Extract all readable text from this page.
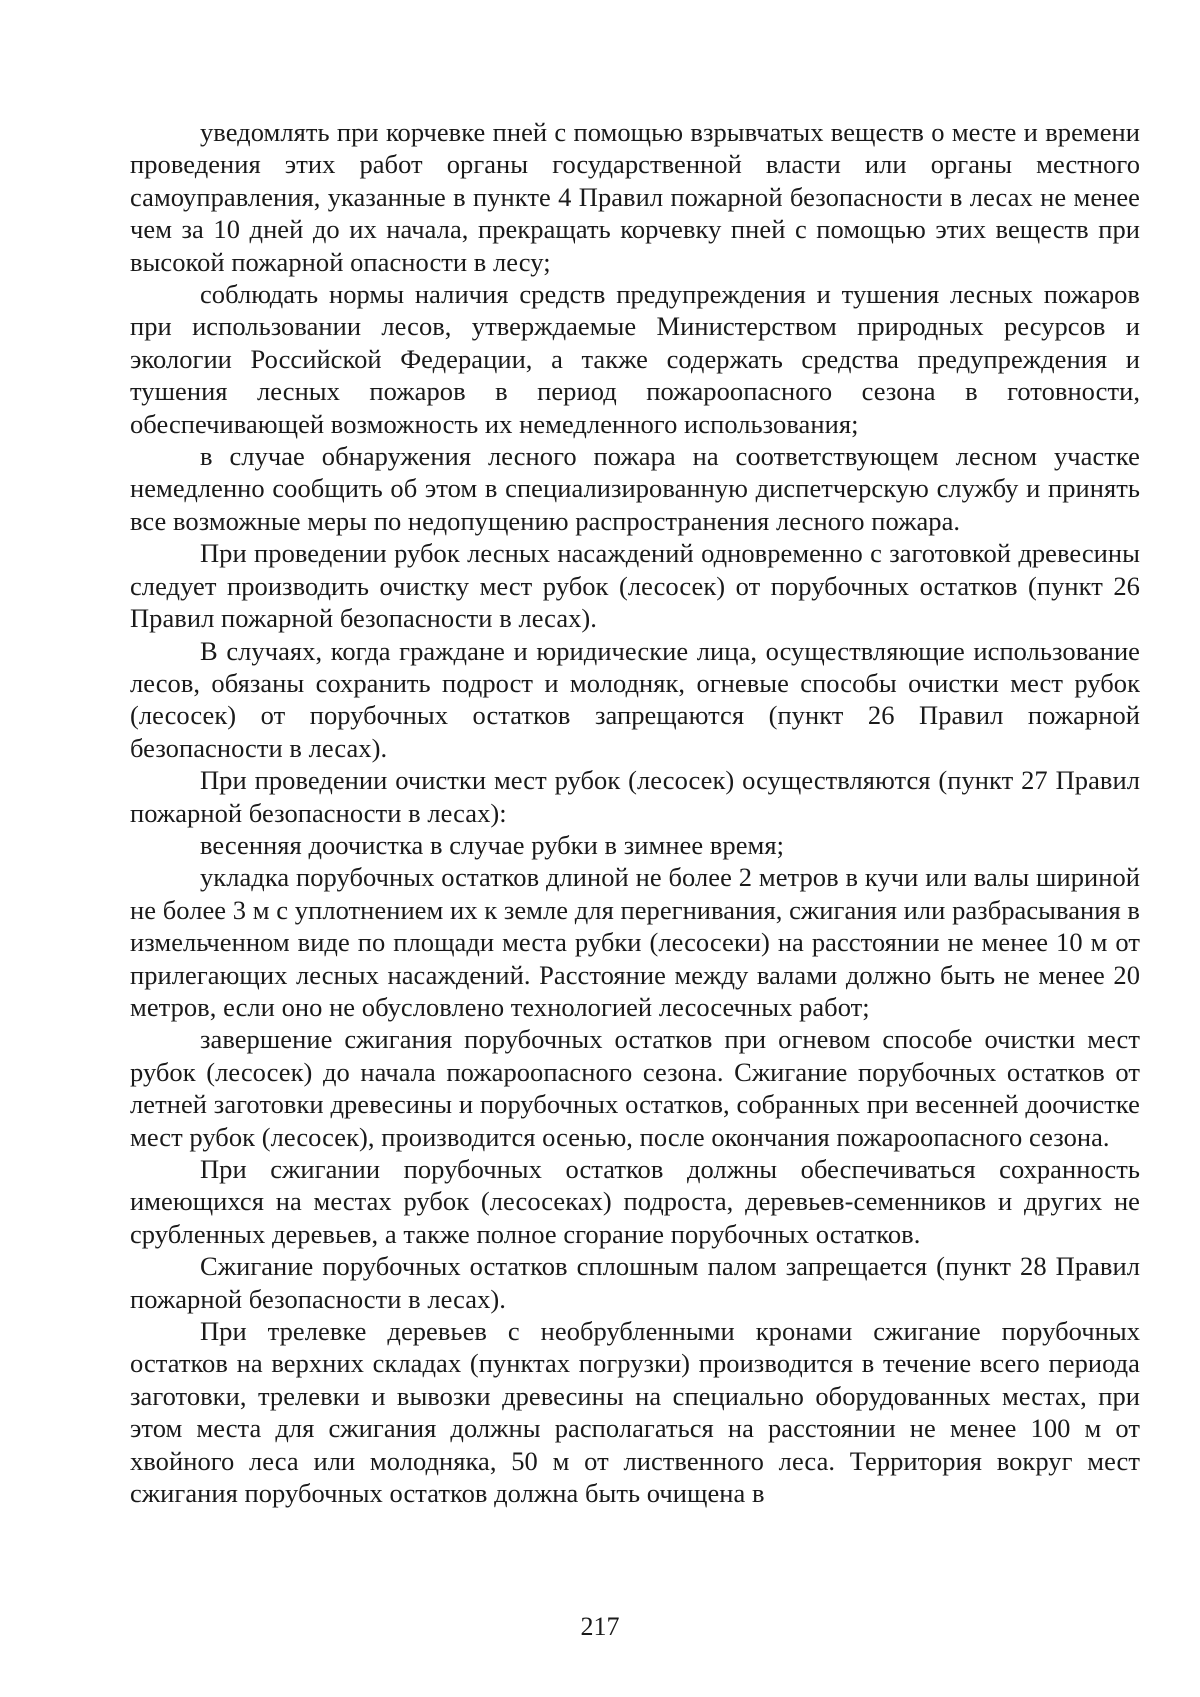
уведомлять при корчевке пней с помощью взрывчатых веществ о месте и времени проведения этих работ органы государственной власти или органы местного самоуправления, указанные в пункте 4 Правил пожарной безопасности в лесах не менее чем за 10 дней до их начала, прекращать корчевку пней с помощью этих веществ при высокой пожарной опасности в лесу;

соблюдать нормы наличия средств предупреждения и тушения лесных пожаров при использовании лесов, утверждаемые Министерством природных ресурсов и экологии Российской Федерации, а также содержать средства предупреждения и тушения лесных пожаров в период пожароопасного сезона в готовности, обеспечивающей возможность их немедленного использования;

в случае обнаружения лесного пожара на соответствующем лесном участке немедленно сообщить об этом в специализированную диспетчерскую службу и принять все возможные меры по недопущению распространения лесного пожара.

При проведении рубок лесных насаждений одновременно с заготовкой древесины следует производить очистку мест рубок (лесосек) от порубочных остатков (пункт 26 Правил пожарной безопасности в лесах).

В случаях, когда граждане и юридические лица, осуществляющие использование лесов, обязаны сохранить подрост и молодняк, огневые способы очистки мест рубок (лесосек) от порубочных остатков запрещаются (пункт 26 Правил пожарной безопасности в лесах).

При проведении очистки мест рубок (лесосек) осуществляются (пункт 27 Правил пожарной безопасности в лесах):

весенняя доочистка в случае рубки в зимнее время;

укладка порубочных остатков длиной не более 2 метров в кучи или валы шириной не более 3 м с уплотнением их к земле для перегнивания, сжигания или разбрасывания в измельченном виде по площади места рубки (лесосеки) на расстоянии не менее 10 м от прилегающих лесных насаждений. Расстояние между валами должно быть не менее 20 метров, если оно не обусловлено технологией лесосечных работ;

завершение сжигания порубочных остатков при огневом способе очистки мест рубок (лесосек) до начала пожароопасного сезона. Сжигание порубочных остатков от летней заготовки древесины и порубочных остатков, собранных при весенней доочистке мест рубок (лесосек), производится осенью, после окончания пожароопасного сезона.

При сжигании порубочных остатков должны обеспечиваться сохранность имеющихся на местах рубок (лесосеках) подроста, деревьев-семенников и других не срубленных деревьев, а также полное сгорание порубочных остатков.

Сжигание порубочных остатков сплошным палом запрещается (пункт 28 Правил пожарной безопасности в лесах).

При трелевке деревьев с необрубленными кронами сжигание порубочных остатков на верхних складах (пунктах погрузки) производится в течение всего периода заготовки, трелевки и вывозки древесины на специально оборудованных местах, при этом места для сжигания должны располагаться на расстоянии не менее 100 м от хвойного леса или молодняка, 50 м от лиственного леса. Территория вокруг мест сжигания порубочных остатков должна быть очищена в

217
